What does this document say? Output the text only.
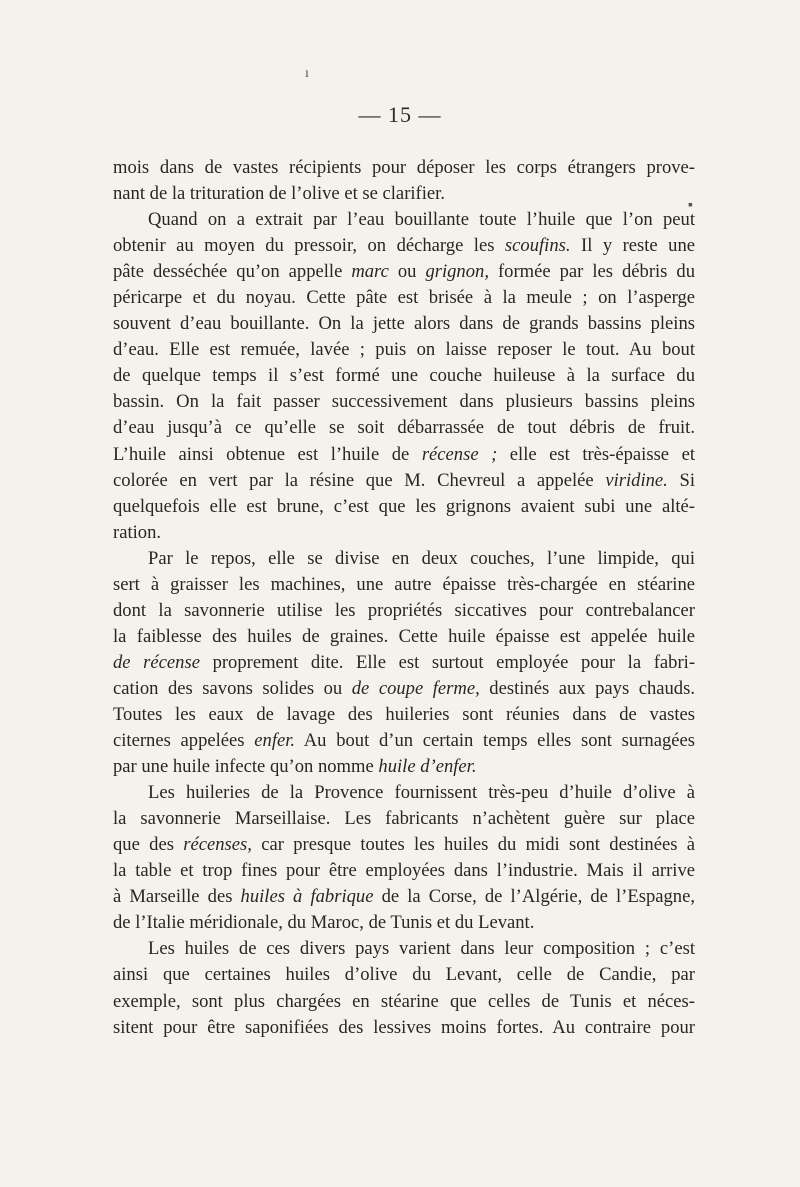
— 15 —
mois dans de vastes récipients pour déposer les corps étrangers prove-
nant de la trituration de l’olive et se clarifier.
Quand on a extrait par l’eau bouillante toute l’huile que l’on peut
obtenir au moyen du pressoir, on décharge les scoufins. Il y reste une
pâte desséchée qu’on appelle marc ou grignon, formée par les débris du
péricarpe et du noyau. Cette pâte est brisée à la meule ; on l’asperge
souvent d’eau bouillante. On la jette alors dans de grands bassins pleins
d’eau. Elle est remuée, lavée ; puis on laisse reposer le tout. Au bout
de quelque temps il s’est formé une couche huileuse à la surface du
bassin. On la fait passer successivement dans plusieurs bassins pleins
d’eau jusqu’à ce qu’elle se soit débarrassée de tout débris de fruit.
L’huile ainsi obtenue est l’huile de récense ; elle est très-épaisse et
colorée en vert par la résine que M. Chevreul a appelée viridine. Si
quelquefois elle est brune, c’est que les grignons avaient subi une alté-
ration.
Par le repos, elle se divise en deux couches, l’une limpide, qui
sert à graisser les machines, une autre épaisse très-chargée en stéarine
dont la savonnerie utilise les propriétés siccatives pour contrebalancer
la faiblesse des huiles de graines. Cette huile épaisse est appelée huile
de récense proprement dite. Elle est surtout employée pour la fabri-
cation des savons solides ou de coupe ferme, destinés aux pays chauds.
Toutes les eaux de lavage des huileries sont réunies dans de vastes
citernes appelées enfer. Au bout d’un certain temps elles sont surnagées
par une huile infecte qu’on nomme huile d’enfer.
Les huileries de la Provence fournissent très-peu d’huile d’olive à
la savonnerie Marseillaise. Les fabricants n’achètent guère sur place
que des récenses, car presque toutes les huiles du midi sont destinées à
la table et trop fines pour être employées dans l’industrie. Mais il arrive
à Marseille des huiles à fabrique de la Corse, de l’Algérie, de l’Espagne,
de l’Italie méridionale, du Maroc, de Tunis et du Levant.
Les huiles de ces divers pays varient dans leur composition ; c’est
ainsi que certaines huiles d’olive du Levant, celle de Candie, par
exemple, sont plus chargées en stéarine que celles de Tunis et néces-
sitent pour être saponifiées des lessives moins fortes. Au contraire pour
ı
▪
